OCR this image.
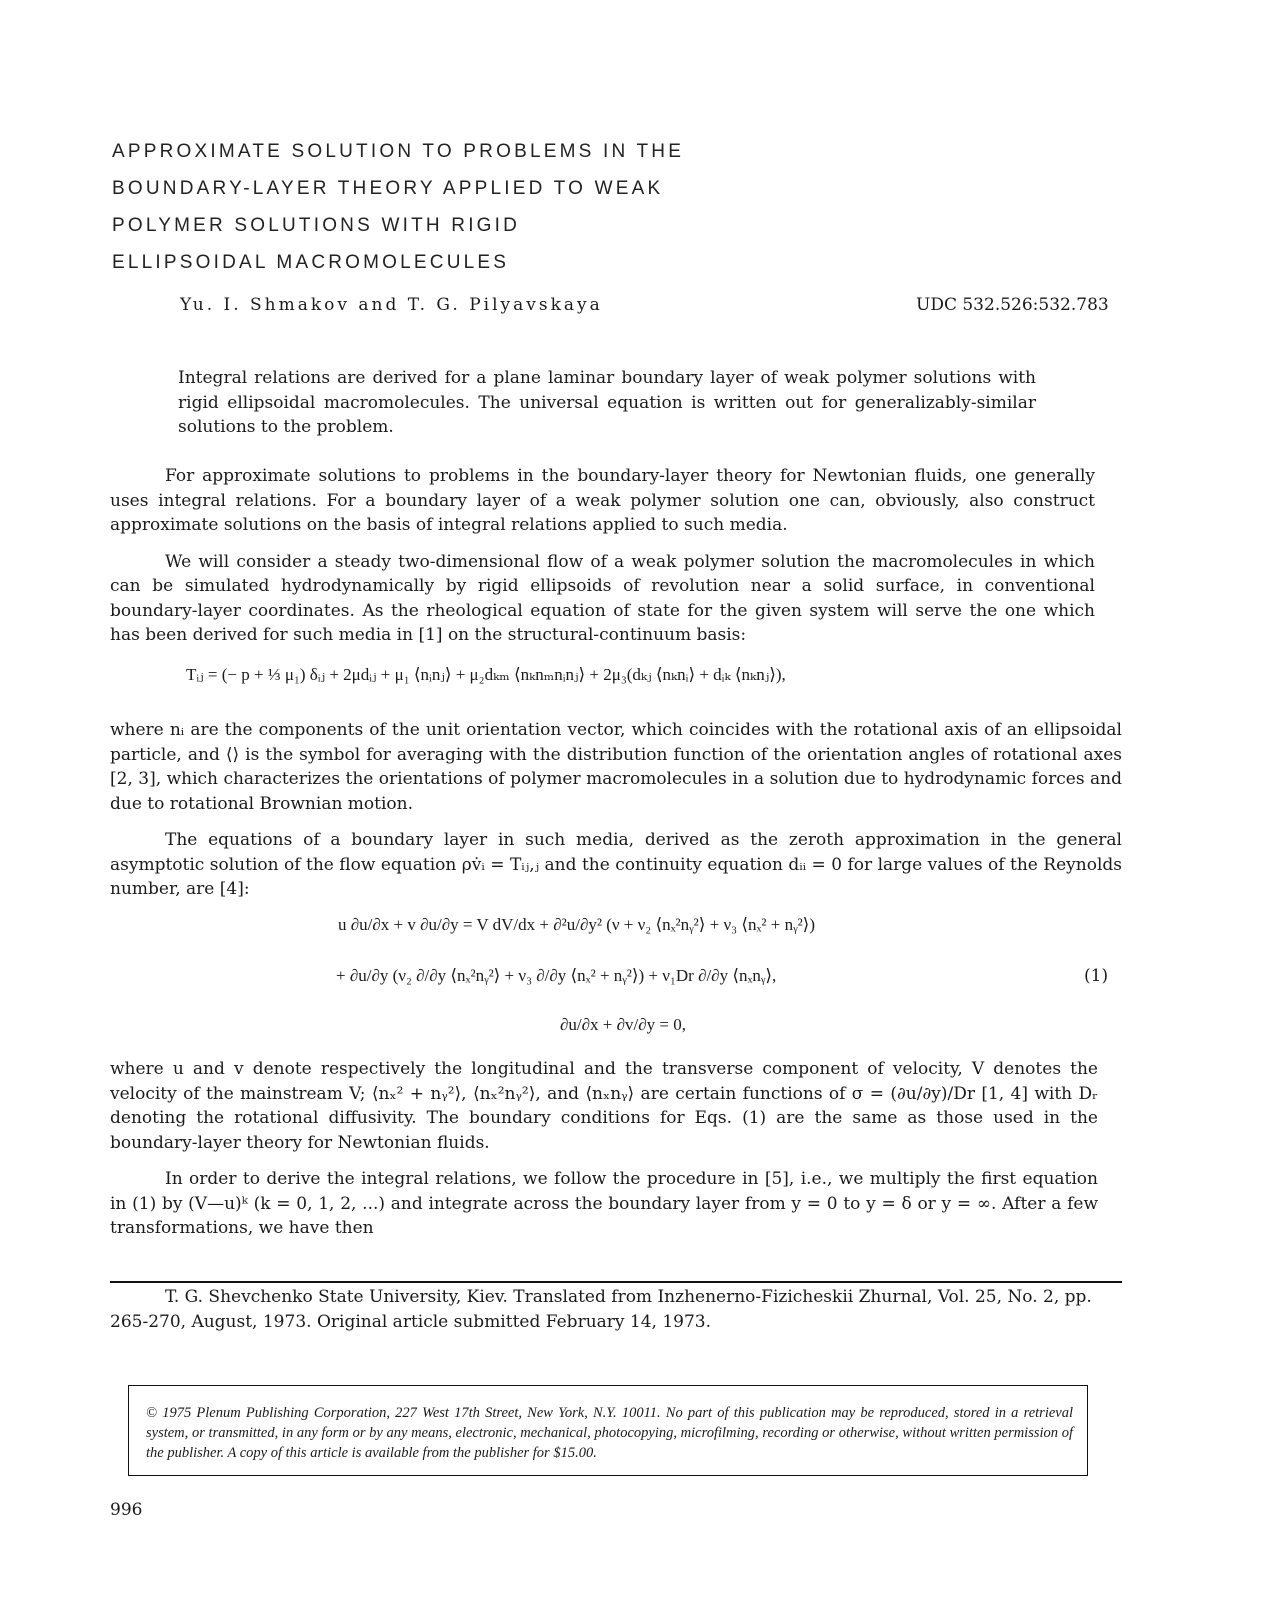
APPROXIMATE SOLUTION TO PROBLEMS IN THE
BOUNDARY-LAYER THEORY APPLIED TO WEAK
POLYMER SOLUTIONS WITH RIGID
ELLIPSOIDAL MACROMOLECULES
Yu. I. Shmakov and T. G. Pilyavskaya	UDC 532.526:532.783
Integral relations are derived for a plane laminar boundary layer of weak polymer solutions with rigid ellipsoidal macromolecules. The universal equation is written out for generalizably-similar solutions to the problem.

For approximate solutions to problems in the boundary-layer theory for Newtonian fluids, one generally uses integral relations. For a boundary layer of a weak polymer solution one can, obviously, also construct approximate solutions on the basis of integral relations applied to such media.

We will consider a steady two-dimensional flow of a weak polymer solution the macromolecules in which can be simulated hydrodynamically by rigid ellipsoids of revolution near a solid surface, in conventional boundary-layer coordinates. As the rheological equation of state for the given system will serve the one which has been derived for such media in [1] on the structural-continuum basis:

Tᵢⱼ = (− p + ⅓ μ₁) δᵢⱼ + 2μdᵢⱼ + μ₁ ⟨nᵢnⱼ⟩ + μ₂dₖₘ ⟨nₖnₘnᵢnⱼ⟩ + 2μ₃(dₖⱼ ⟨nₖnᵢ⟩ + dᵢₖ ⟨nₖnⱼ⟩),

where nᵢ are the components of the unit orientation vector, which coincides with the rotational axis of an ellipsoidal particle, and ⟨⟩ is the symbol for averaging with the distribution function of the orientation angles of rotational axes [2, 3], which characterizes the orientations of polymer macromolecules in a solution due to hydrodynamic forces and due to rotational Brownian motion.

The equations of a boundary layer in such media, derived as the zeroth approximation in the general asymptotic solution of the flow equation ρv̇ᵢ = Tᵢⱼ,ⱼ and the continuity equation dᵢᵢ = 0 for large values of the Reynolds number, are [4]:

u ∂u/∂x + v ∂u/∂y = V dV/dx + ∂²u/∂y² (ν + ν₂ ⟨nₓ²nᵧ²⟩ + ν₃ ⟨nₓ² + nᵧ²⟩)
+ ∂u/∂y (ν₂ ∂/∂y ⟨nₓ²nᵧ²⟩ + ν₃ ∂/∂y ⟨nₓ² + nᵧ²⟩) + ν₁Dr ∂/∂y ⟨nₓnᵧ⟩,
∂u/∂x + ∂v/∂y = 0,
(1)

where u and v denote respectively the longitudinal and the transverse component of velocity, V denotes the velocity of the mainstream V; ⟨nₓ² + nᵧ²⟩, ⟨nₓ²nᵧ²⟩, and ⟨nₓnᵧ⟩ are certain functions of σ = (∂u/∂y)/Dr [1, 4] with Dᵣ denoting the rotational diffusivity. The boundary conditions for Eqs. (1) are the same as those used in the boundary-layer theory for Newtonian fluids.

In order to derive the integral relations, we follow the procedure in [5], i.e., we multiply the first equation in (1) by (V—u)ᵏ (k = 0, 1, 2, ...) and integrate across the boundary layer from y = 0 to y = δ or y = ∞. After a few transformations, we have then

T. G. Shevchenko State University, Kiev. Translated from Inzhenerno-Fizicheskii Zhurnal, Vol. 25, No. 2, pp. 265-270, August, 1973. Original article submitted February 14, 1973.

© 1975 Plenum Publishing Corporation, 227 West 17th Street, New York, N.Y. 10011. No part of this publication may be reproduced, stored in a retrieval system, or transmitted, in any form or by any means, electronic, mechanical, photocopying, microfilming, recording or otherwise, without written permission of the publisher. A copy of this article is available from the publisher for $15.00.
996
